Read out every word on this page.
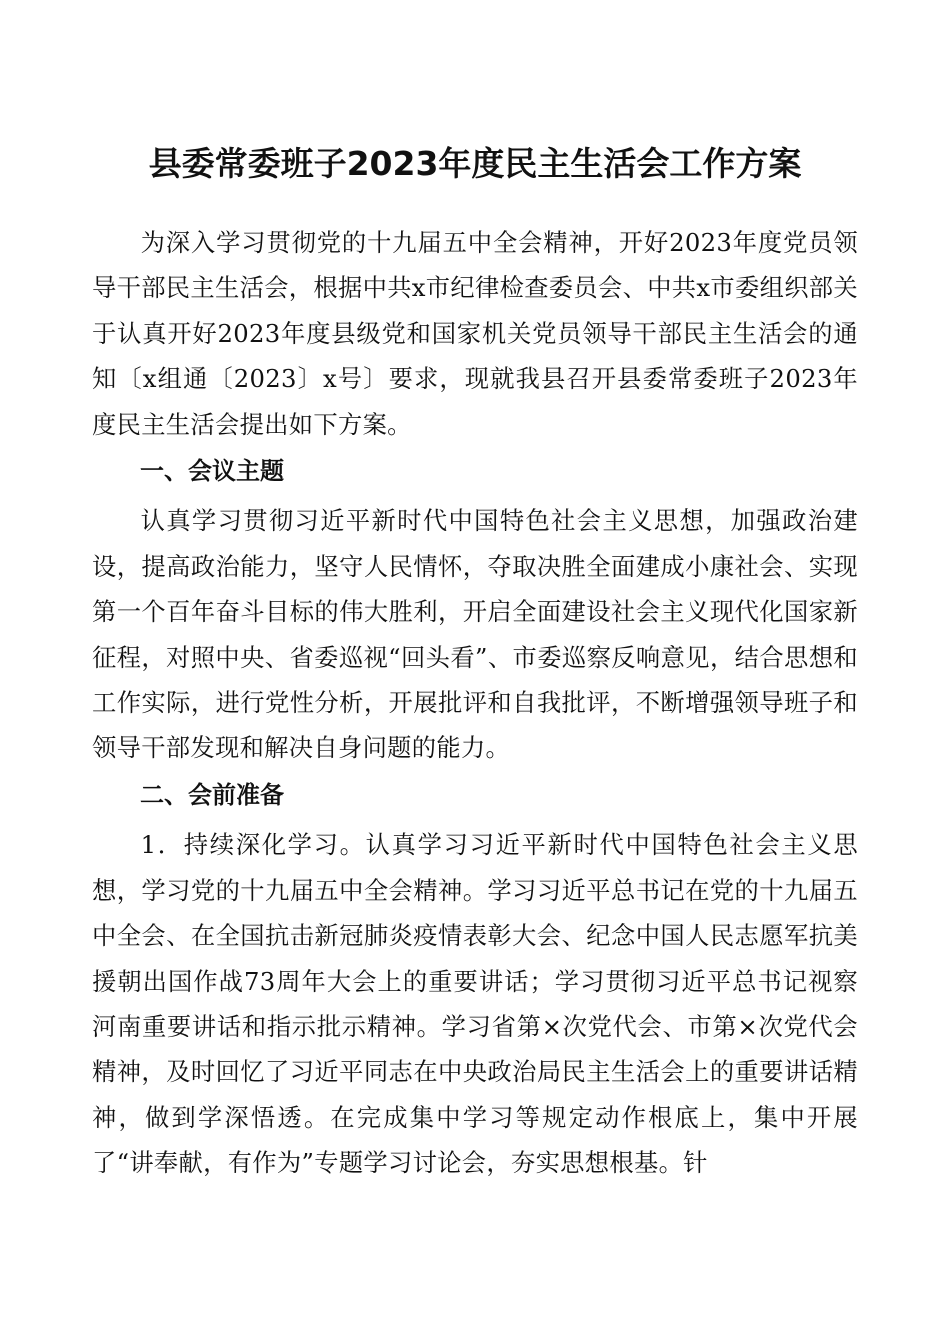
县委常委班子2023年度民主生活会工作方案

为深入学习贯彻党的十九届五中全会精神，开好2023年度党员领导干部民主生活会，根据中共x市纪律检查委员会、中共x市委组织部关于认真开好2023年度县级党和国家机关党员领导干部民主生活会的通知〔x组通〔2023〕x号〕要求，现就我县召开县委常委班子2023年度民主生活会提出如下方案。

一、会议主题

认真学习贯彻习近平新时代中国特色社会主义思想，加强政治建设，提高政治能力，坚守人民情怀，夺取决胜全面建成小康社会、实现第一个百年奋斗目标的伟大胜利，开启全面建设社会主义现代化国家新征程，对照中央、省委巡视“回头看”、市委巡察反响意见，结合思想和工作实际，进行党性分析，开展批评和自我批评，不断增强领导班子和领导干部发现和解决自身问题的能力。

二、会前准备

1．持续深化学习。认真学习习近平新时代中国特色社会主义思想，学习党的十九届五中全会精神。学习习近平总书记在党的十九届五中全会、在全国抗击新冠肺炎疫情表彰大会、纪念中国人民志愿军抗美援朝出国作战73周年大会上的重要讲话；学习贯彻习近平总书记视察河南重要讲话和指示批示精神。学习省第×次党代会、市第×次党代会精神，及时回忆了习近平同志在中央政治局民主生活会上的重要讲话精神，做到学深悟透。在完成集中学习等规定动作根底上，集中开展了“讲奉献，有作为”专题学习讨论会，夯实思想根基。针
